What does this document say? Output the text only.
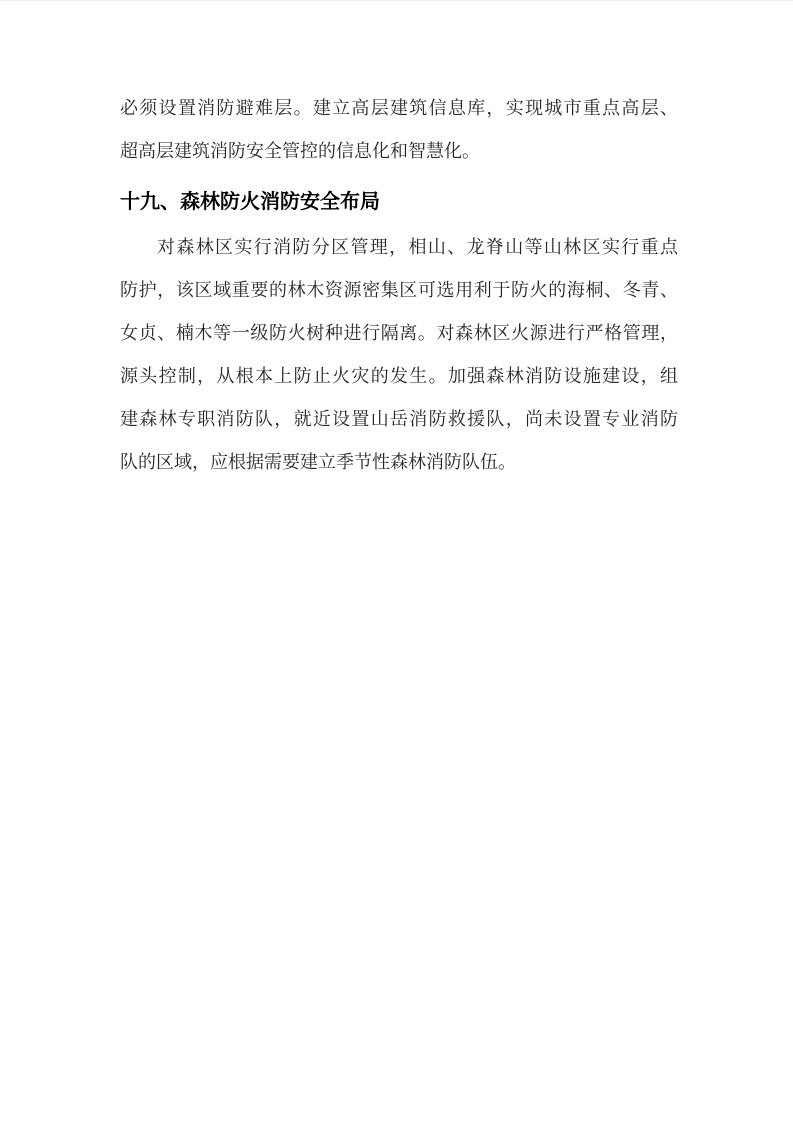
必须设置消防避难层。建立高层建筑信息库，实现城市重点高层、
超高层建筑消防安全管控的信息化和智慧化。
十九、森林防火消防安全布局
对森林区实行消防分区管理，相山、龙脊山等山林区实行重点
防护，该区域重要的林木资源密集区可选用利于防火的海桐、冬青、
女贞、楠木等一级防火树种进行隔离。对森林区火源进行严格管理，
源头控制，从根本上防止火灾的发生。加强森林消防设施建设，组
建森林专职消防队，就近设置山岳消防救援队，尚未设置专业消防
队的区域，应根据需要建立季节性森林消防队伍。
